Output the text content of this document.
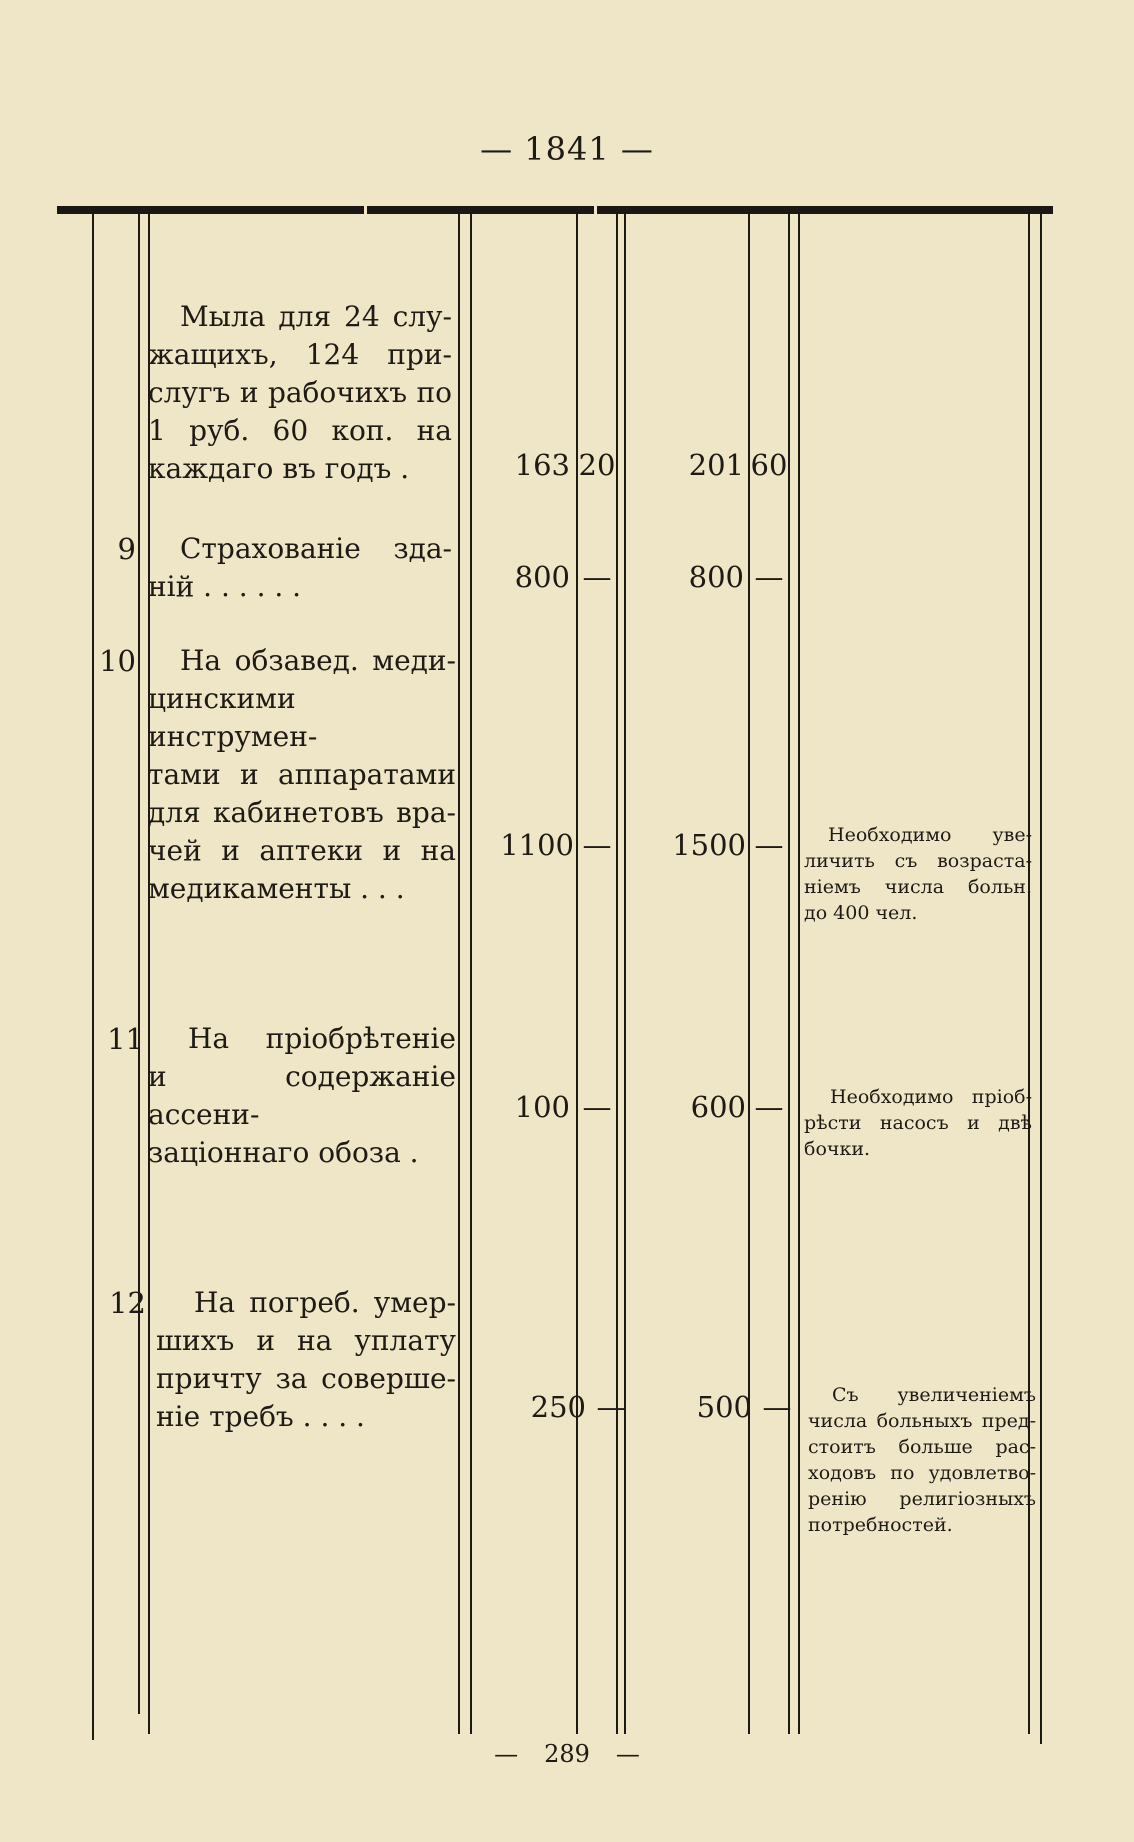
— 1841 —
Мыла для 24 слу-
жащихъ, 124 при-
слугъ и рабочихъ по
1 руб. 60 коп. на
каждаго въ годъ .	163 20	201 60
9	Страхованіе зда-
ній . . . . . .	800 —	800 —
10	На обзавед. меди-
цинскими инструмен-
тами и аппаратами
для кабинетовъ вра-
чей и аптеки и на
медикаменты . . .
1100 —	1500 —	Необходимо уве-
личить съ возраста-
ніемъ числа больн.
до 400 чел.
11	На пріобрѣтеніе
и содержаніе ассени-
заціоннаго обоза .
100 —	600 —	Необходимо пріоб-
рѣсти насосъ и двѣ
бочки.
12	На погреб. умер-
шихъ и на уплату
причту за соверше-
ніе требъ . . . .	250 —	500 —	Съ увеличеніемъ
числа больныхъ пред-
стоитъ больше рас-
ходовъ по удовлетво-
ренію религіозныхъ
потребностей.
— 289 —
